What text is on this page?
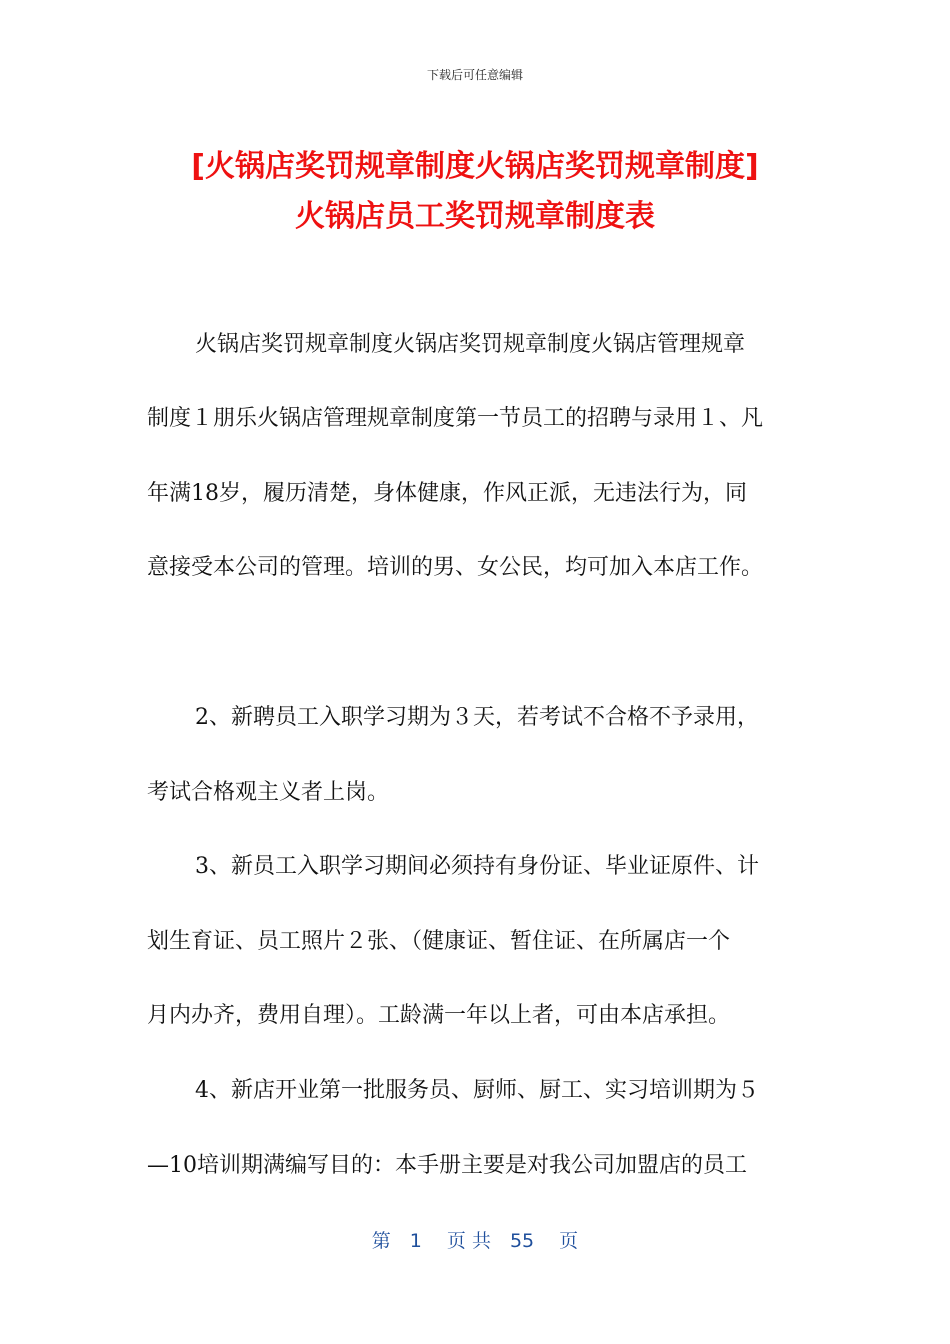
下载后可任意编辑
[火锅店奖罚规章制度火锅店奖罚规章制度]
火锅店员工奖罚规章制度表
火锅店奖罚规章制度火锅店奖罚规章制度火锅店管理规章
制度１朋乐火锅店管理规章制度第一节员工的招聘与录用１、凡
年满18岁，履历清楚，身体健康，作风正派，无违法行为，同
意接受本公司的管理。培训的男、女公民，均可加入本店工作。
2、新聘员工入职学习期为３天，若考试不合格不予录用，
考试合格观主义者上岗。
3、新员工入职学习期间必须持有身份证、毕业证原件、计
划生育证、员工照片２张、（健康证、暂住证、在所属店一个
月内办齐，费用自理）。工龄满一年以上者，可由本店承担。
4、新店开业第一批服务员、厨师、厨工、实习培训期为５
—10培训期满编写目的：本手册主要是对我公司加盟店的员工
第　1　 页 共　55　 页
